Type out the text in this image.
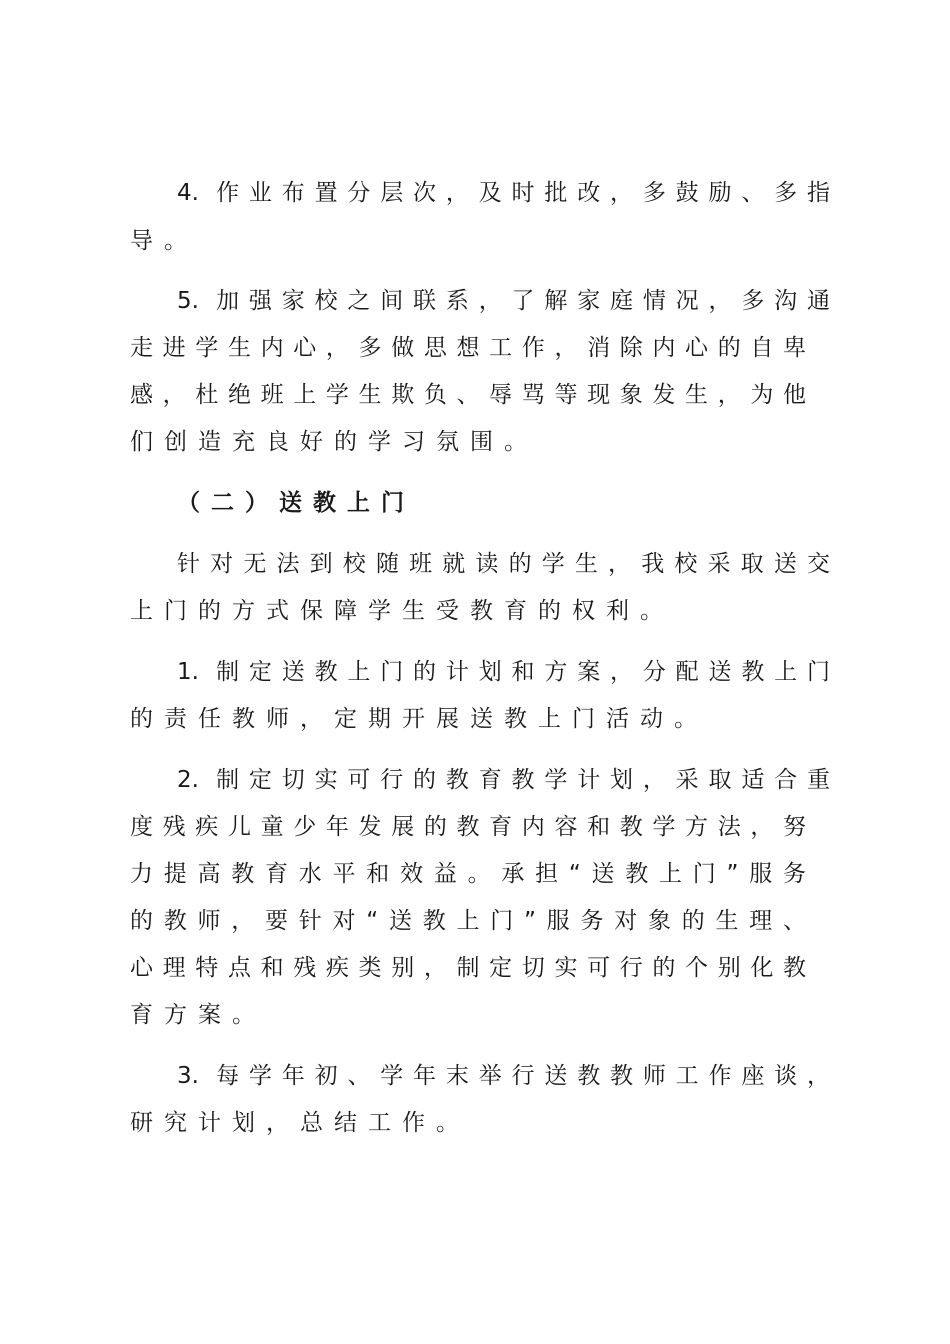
4. 作业布置分层次，及时批改，多鼓励、多指
导。
5. 加强家校之间联系，了解家庭情况，多沟通
走进学生内心，多做思想工作，消除内心的自卑
感，杜绝班上学生欺负、辱骂等现象发生，为他
们创造充良好的学习氛围。
（二）送教上门
针对无法到校随班就读的学生，我校采取送交
上门的方式保障学生受教育的权利。
1. 制定送教上门的计划和方案，分配送教上门
的责任教师，定期开展送教上门活动。
2. 制定切实可行的教育教学计划，采取适合重
度残疾儿童少年发展的教育内容和教学方法，努
力提高教育水平和效益。承担“送教上门”服务
的教师，要针对“送教上门”服务对象的生理、
心理特点和残疾类别，制定切实可行的个别化教
育方案。
3. 每学年初、学年末举行送教教师工作座谈，
研究计划，总结工作。
